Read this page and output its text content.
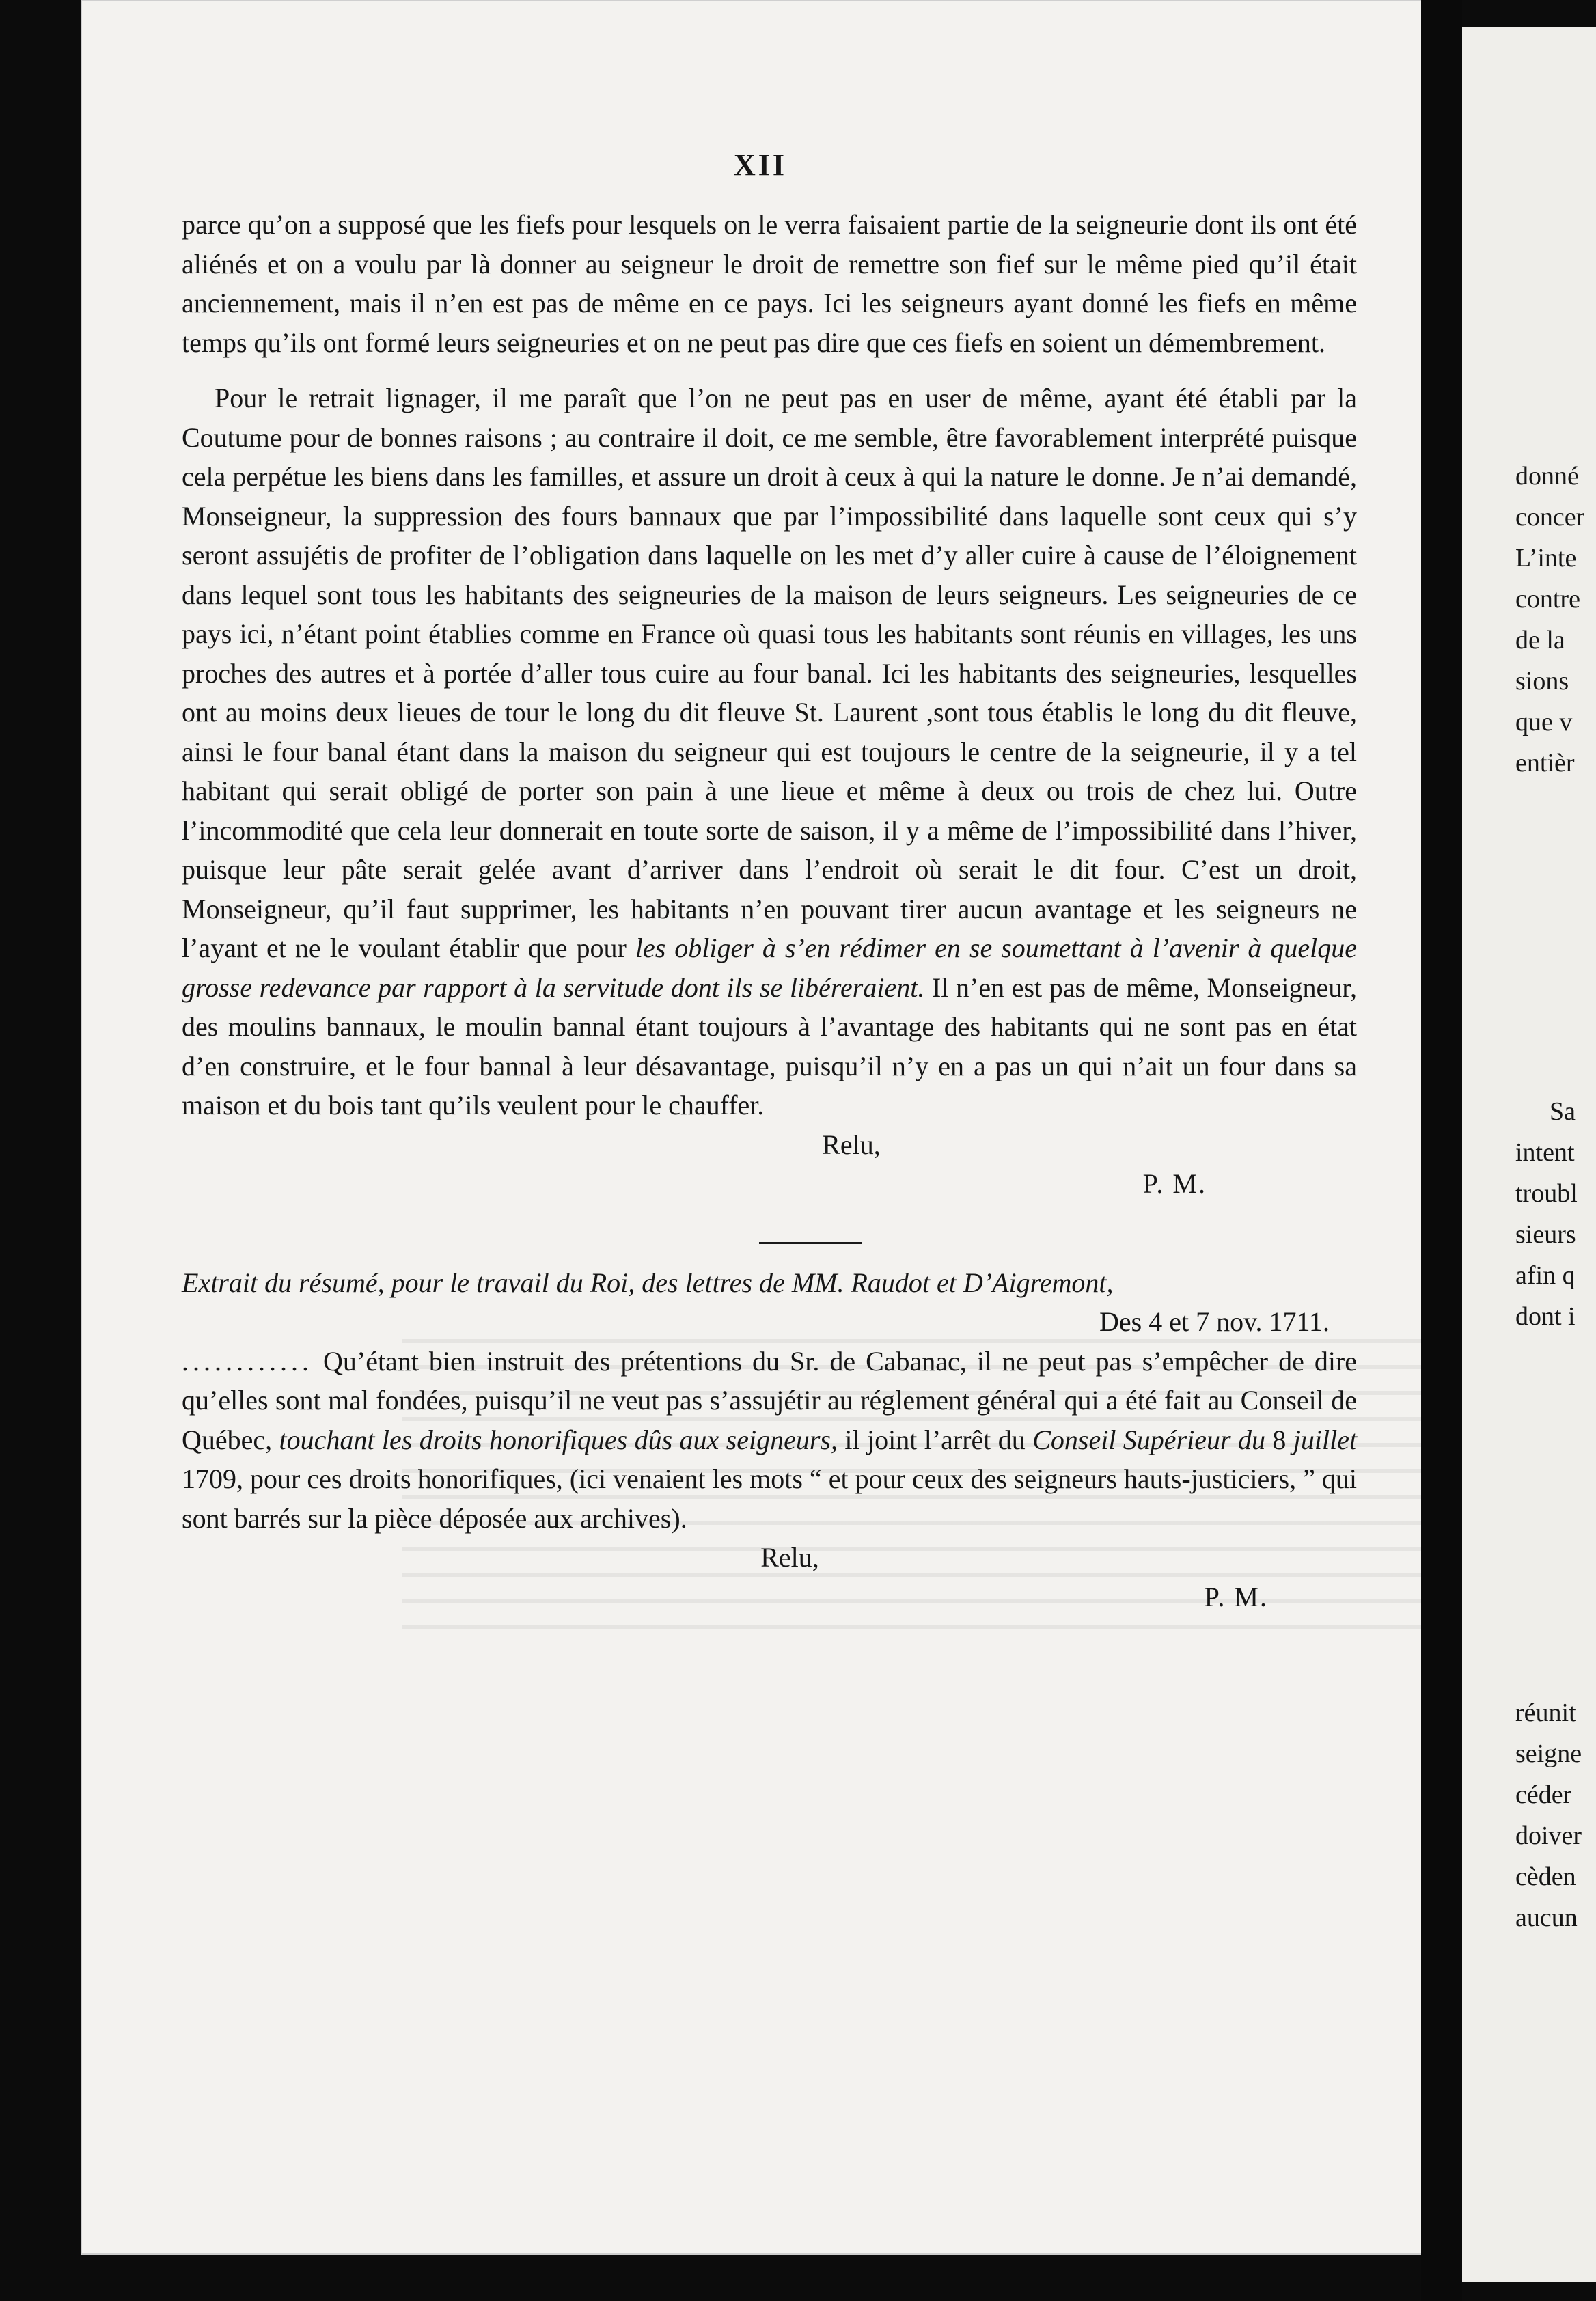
XII

parce qu’on a supposé que les fiefs pour lesquels on le verra faisaient partie de la seigneurie dont ils ont été aliénés et on a voulu par là donner au seigneur le droit de remettre son fief sur le même pied qu’il était anciennement, mais il n’en est pas de même en ce pays. Ici les seigneurs ayant donné les fiefs en même temps qu’ils ont formé leurs seigneuries et on ne peut pas dire que ces fiefs en soient un démembrement.

Pour le retrait lignager, il me paraît que l’on ne peut pas en user de même, ayant été établi par la Coutume pour de bonnes raisons ; au contraire il doit, ce me semble, être favorablement interprété puisque cela perpétue les biens dans les familles, et assure un droit à ceux à qui la nature le donne. Je n’ai demandé, Monseigneur, la suppression des fours bannaux que par l’impossibilité dans laquelle sont ceux qui s’y seront assujétis de profiter de l’obligation dans laquelle on les met d’y aller cuire à cause de l’éloignement dans lequel sont tous les habitants des seigneuries de la maison de leurs seigneurs. Les seigneuries de ce pays ici, n’étant point établies comme en France où quasi tous les habitants sont réunis en villages, les uns proches des autres et à portée d’aller tous cuire au four banal. Ici les habitants des seigneuries, lesquelles ont au moins deux lieues de tour le long du dit fleuve St. Laurent ,sont tous établis le long du dit fleuve, ainsi le four banal étant dans la maison du seigneur qui est toujours le centre de la seigneurie, il y a tel habitant qui serait obligé de porter son pain à une lieue et même à deux ou trois de chez lui. Outre l’incommodité que cela leur donnerait en toute sorte de saison, il y a même de l’impossibilité dans l’hiver, puisque leur pâte serait gelée avant d’arriver dans l’endroit où serait le dit four. C’est un droit, Monseigneur, qu’il faut supprimer, les habitants n’en pouvant tirer aucun avantage et les seigneurs ne l’ayant et ne le voulant établir que pour les obliger à s’en rédimer en se soumettant à l’avenir à quelque grosse redevance par rapport à la servitude dont ils se libéreraient. Il n’en est pas de même, Monseigneur, des moulins bannaux, le moulin bannal étant toujours à l’avantage des habitants qui ne sont pas en état d’en construire, et le four bannal à leur désavantage, puisqu’il n’y en a pas un qui n’ait un four dans sa maison et du bois tant qu’ils veulent pour le chauffer.

Relu,

P. M.

Extrait du résumé, pour le travail du Roi, des lettres de MM. Raudot et D’Aigremont,

Des 4 et 7 nov. 1711.

............ Qu’étant bien instruit des prétentions du Sr. de Cabanac, il ne peut pas s’empêcher de dire qu’elles sont mal fondées, puisqu’il ne veut pas s’assujétir au réglement général qui a été fait au Conseil de Québec, touchant les droits honorifiques dûs aux seigneurs, il joint l’arrêt du Conseil Supérieur du 8 juillet 1709, pour ces droits honorifiques, (ici venaient les mots “ et pour ceux des seigneurs hauts-justiciers, ” qui sont barrés sur la pièce déposée aux archives).

Relu,

P. M.

donné
concer
L’inte
contre
de la
sions
que v
entièr
Sa
intent
troubl
sieurs
afin q
dont i
réunit
seigne
céder
doiver
cèden
aucun
